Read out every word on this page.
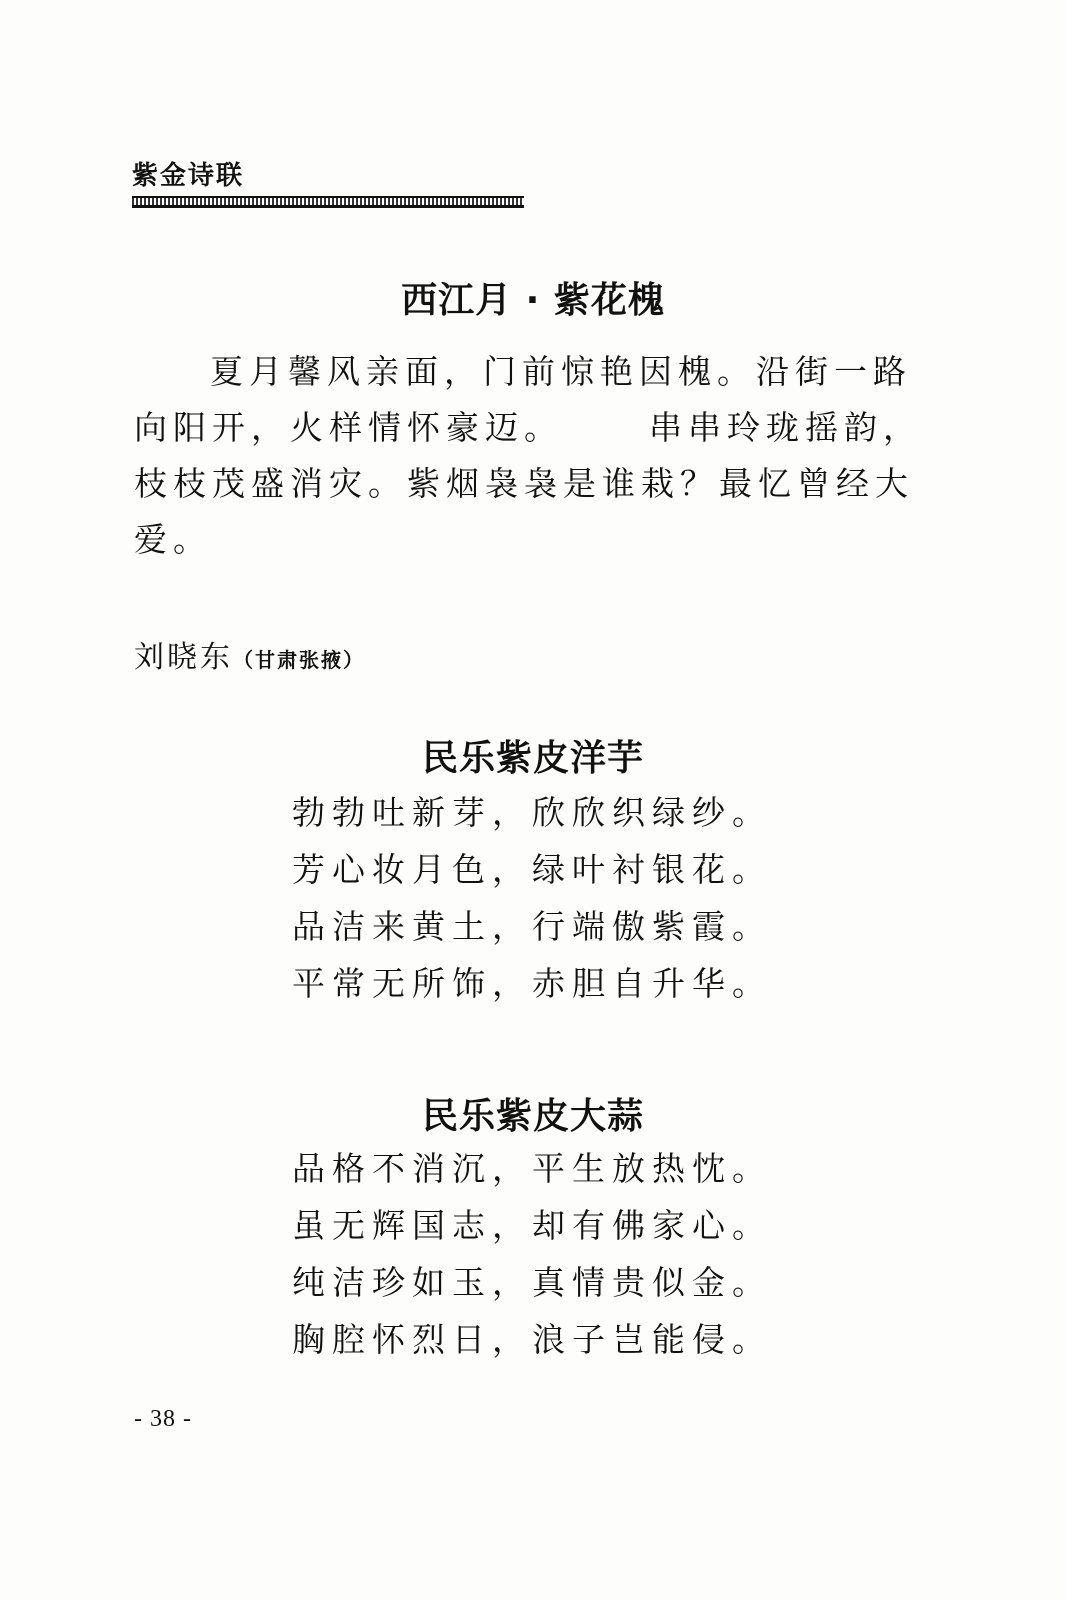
紫金诗联
西江月 · 紫花槐
夏月馨风亲面，门前惊艳因槐。沿街一路
向阳开，火样情怀豪迈。	串串玲珑摇韵，
枝枝茂盛消灾。紫烟袅袅是谁栽？最忆曾经大
爱。
刘晓东（甘肃张掖）
民乐紫皮洋芋
勃勃吐新芽，欣欣织绿纱。
芳心妆月色，绿叶衬银花。
品洁来黄土，行端傲紫霞。
平常无所饰，赤胆自升华。
民乐紫皮大蒜
品格不消沉，平生放热忱。
虽无辉国志，却有佛家心。
纯洁珍如玉，真情贵似金。
胸腔怀烈日，浪子岂能侵。
- 38 -
